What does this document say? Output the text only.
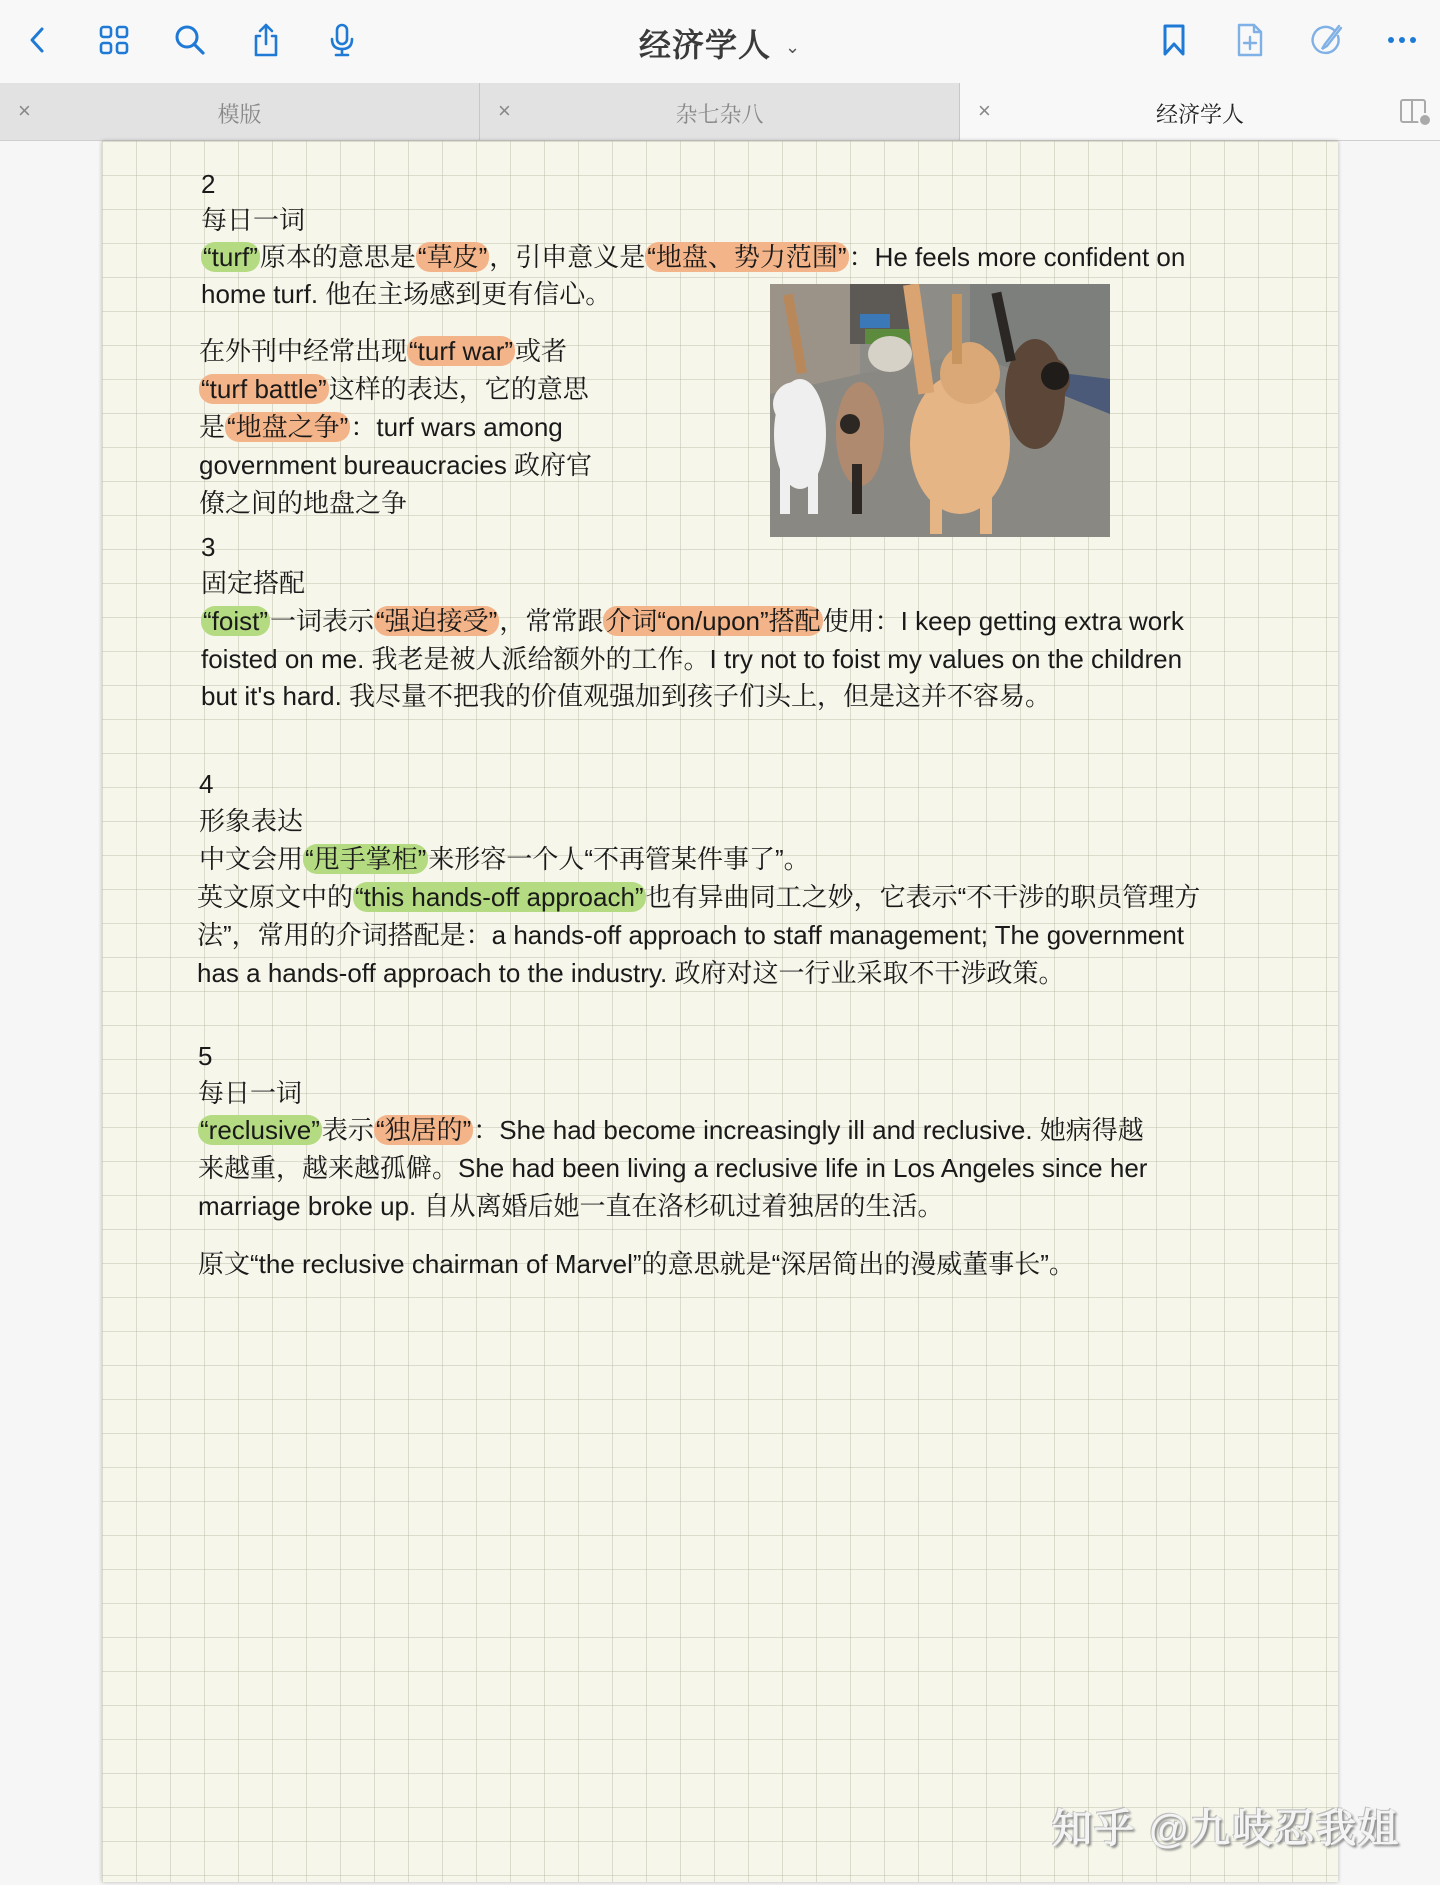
经济学人 ⌄
×	模版	×	杂七杂八	×	经济学人
2
每日一词
“turf”原本的意思是“草皮”，引申意义是“地盘、势力范围”：He feels more confident on
home turf. 他在主场感到更有信心。
在外刊中经常出现“turf war”或者
“turf battle”这样的表达，它的意思
是“地盘之争”：turf wars among
government bureaucracies 政府官
僚之间的地盘之争
3
固定搭配
“foist”一词表示“强迫接受”，常常跟介词“on/upon”搭配使用：I keep getting extra work
foisted on me. 我老是被人派给额外的工作。I try not to foist my values on the children
but it's hard. 我尽量不把我的价值观强加到孩子们头上，但是这并不容易。
4
形象表达
中文会用“甩手掌柜”来形容一个人“不再管某件事了”。
英文原文中的“this hands-off approach”也有异曲同工之妙，它表示“不干涉的职员管理方
法”，常用的介词搭配是：a hands-off approach to staff management; The government
has a hands-off approach to the industry. 政府对这一行业采取不干涉政策。
5
每日一词
“reclusive”表示“独居的”：She had become increasingly ill and reclusive. 她病得越
来越重，越来越孤僻。She had been living a reclusive life in Los Angeles since her
marriage broke up. 自从离婚后她一直在洛杉矶过着独居的生活。
原文“the reclusive chairman of Marvel”的意思就是“深居简出的漫威董事长”。
知乎 @九岐忍我姐
